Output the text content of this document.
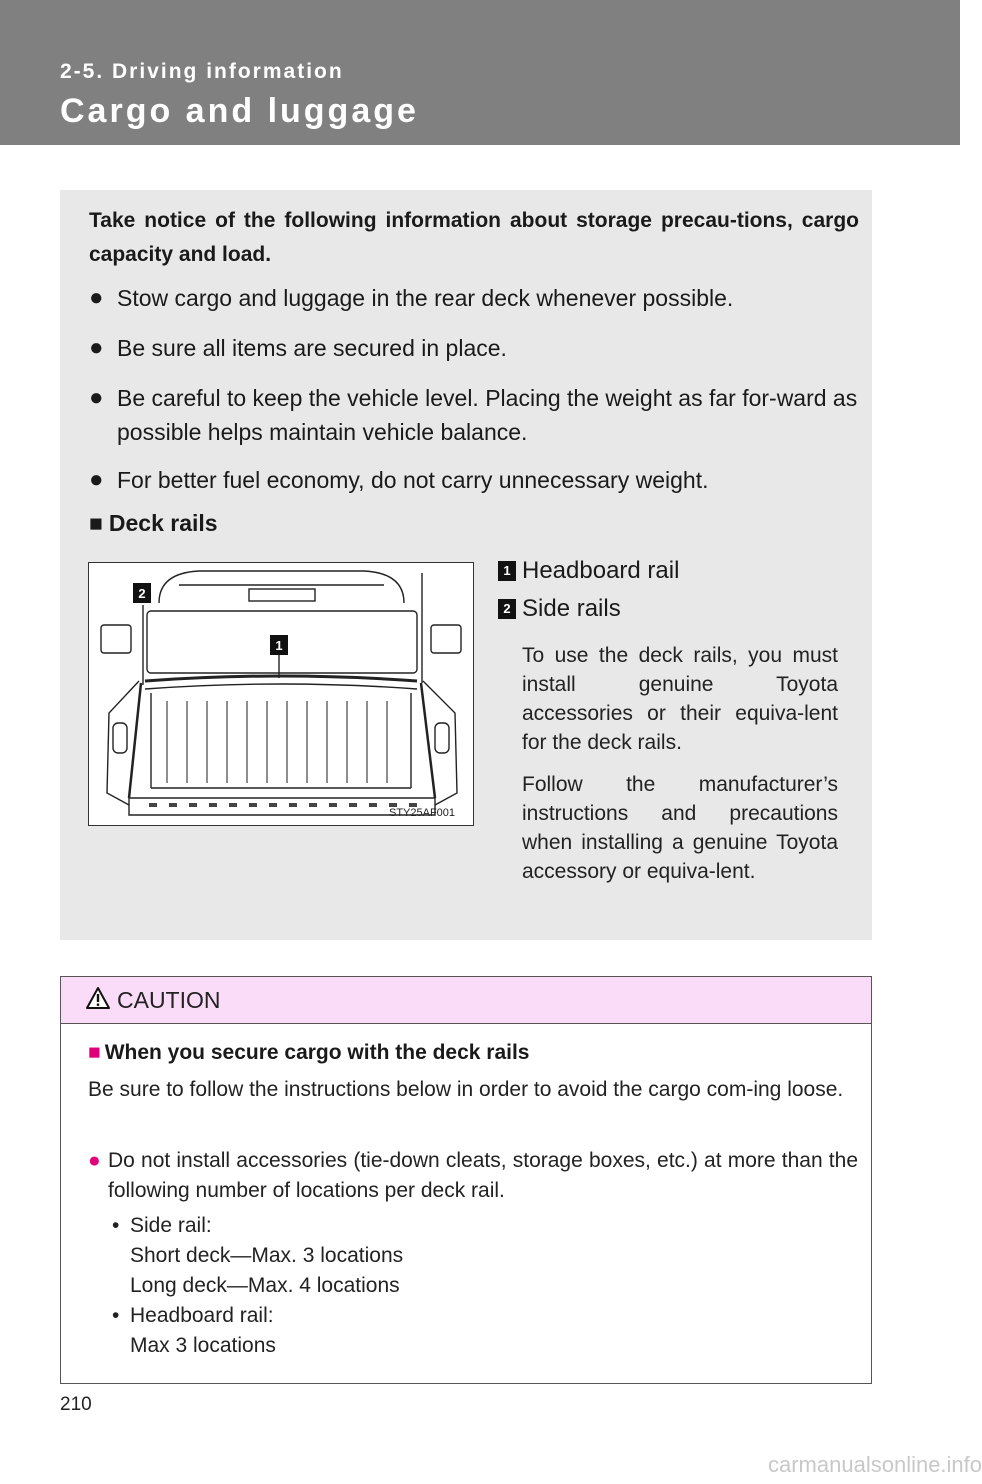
2-5. Driving information
Cargo and luggage
Take notice of the following information about storage precau-tions, cargo capacity and load.
● Stow cargo and luggage in the rear deck whenever possible.
● Be sure all items are secured in place.
● Be careful to keep the vehicle level. Placing the weight as far for-ward as possible helps maintain vehicle balance.
● For better fuel economy, do not carry unnecessary weight.
■ Deck rails
2
1
STY25AF001
1 Headboard rail
2 Side rails
To use the deck rails, you must install genuine Toyota accessories or their equiva-lent for the deck rails.
Follow the manufacturer’s instructions and precautions when installing a genuine Toyota accessory or equiva-lent.
CAUTION
■ When you secure cargo with the deck rails
Be sure to follow the instructions below in order to avoid the cargo com-ing loose.
● Do not install accessories (tie-down cleats, storage boxes, etc.) at more than the following number of locations per deck rail.
• Side rail:
Short deck—Max. 3 locations
Long deck—Max. 4 locations
• Headboard rail:
Max 3 locations
210
carmanualsonline.info
